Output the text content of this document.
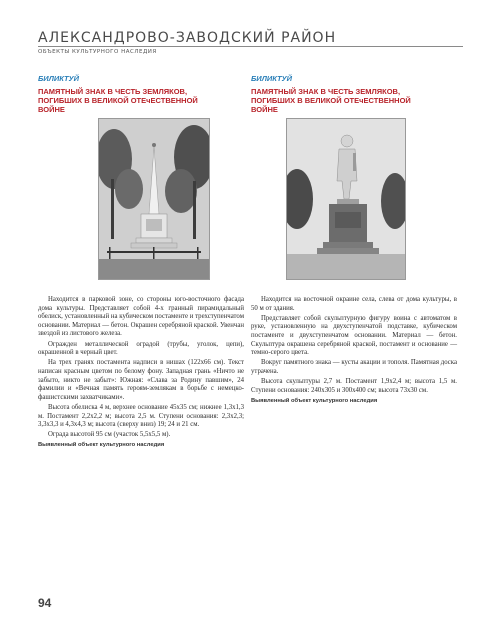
АЛЕКСАНДРОВО-ЗАВОДСКИЙ РАЙОН
ОБЪЕКТЫ КУЛЬТУРНОГО НАСЛЕДИЯ
БИЛИКТУЙ
ПАМЯТНЫЙ ЗНАК В ЧЕСТЬ ЗЕМЛЯКОВ,
ПОГИБШИХ В ВЕЛИКОЙ ОТЕчЕСТВЕННОЙ
ВОЙНЕ
БИЛИКТУЙ
ПАМЯТНЫЙ ЗНАК В ЧЕСТЬ ЗЕМЛЯКОВ,
ПОГИБШИХ В ВЕЛИКОЙ ОТЕчЕСТВЕННОЙ
ВОЙНЕ

Находится в парковой зоне, со стороны юго-восточного фасада дома культуры. Представляет собой 4-х гранный пирамидальный обелиск, установленный на кубическом постаменте и трехступенчатом основании. Материал — бетон. Окрашен серебряной краской. Увенчан звездой из листового железа.

Огражден металлической оградой (трубы, уголок, цепи), окрашенной в черный цвет.

На трех гранях постамента надписи в нишах (122х66 см). Текст написан красным цветом по белому фону. Западная грань «Ничто не забыто, никто не забыт»: Южная: «Слава за Родину павшим», 24 фамилии и «Вечная память героям-землякам в борьбе с немецко-фашистскими захватчиками».

Высота обелиска 4 м, верхнее основание 45х35 см; нижнее 1,3х1,3 м. Постамент 2,2х2,2 м; высота 2,5 м. Ступени основания: 2,3х2,3; 3,3х3,3 и 4,3х4,3 м; высота (сверху вниз) 19; 24 и 21 см.

Ограда высотой 95 см (участок 5,5х5,5 м).

Выявленный объект культурного наследия

Находится на восточной окраине села, слева от дома культуры, в 50 м от здания.

Представляет собой скульптурную фигуру воина с автоматом в руке, установленную на двухступенчатой подставке, кубическом постаменте и двухступенчатом основании. Материал — бетон. Скульптура окрашена серебряной краской, постамент и основание — темно-серого цвета.

Вокруг памятного знака — кусты акации и тополя. Памятная доска утрачена.

Высота скульптуры 2,7 м. Постамент 1,9х2,4 м; высота 1,5 м. Ступени основания: 240х305 и 300х400 см; высота 73х30 см.

Выявленный объект культурного наследия

94
